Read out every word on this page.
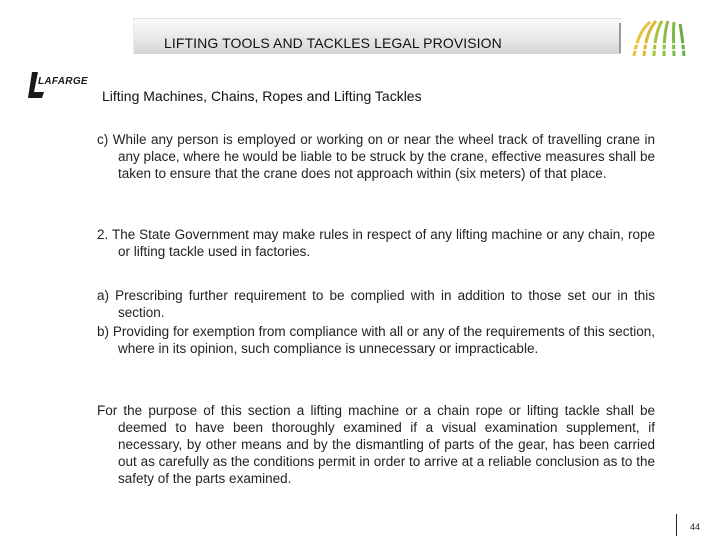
LIFTING TOOLS AND TACKLES LEGAL PROVISION
LAFARGE
Lifting Machines, Chains, Ropes and Lifting Tackles

c) While any person is employed or working on or near the wheel track of travelling crane in any place, where he would be liable to be struck by the crane, effective measures shall be taken to ensure that the crane does not approach within (six meters) of that place.

2. The State Government may make rules in respect of any lifting machine or any chain, rope or lifting tackle used in factories.

a) Prescribing further requirement to be complied with in addition to those set our in this section.

b) Providing for exemption from compliance with all or any of the requirements of this section, where in its opinion, such compliance is unnecessary or impracticable.

For the purpose of this section a lifting machine or a chain rope or lifting tackle shall be deemed to have been thoroughly examined if a visual examination supplement, if necessary, by other means and by the dismantling of parts of the gear, has been carried out as carefully as the conditions permit in order to arrive at a reliable conclusion as to the safety of the parts examined.

44
